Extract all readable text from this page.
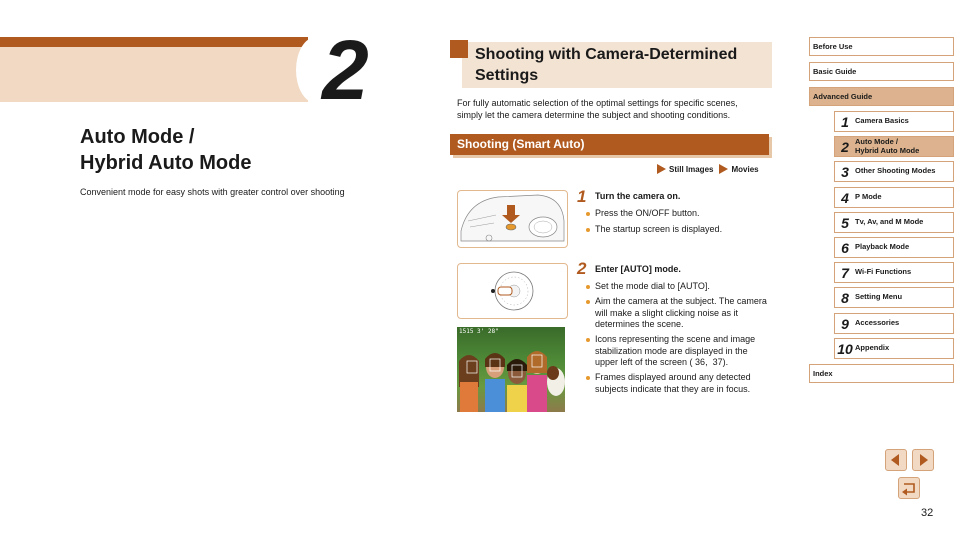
2
Auto Mode /
Hybrid Auto Mode
Convenient mode for easy shots with greater control over shooting
Shooting with Camera-Determined
Settings
For fully automatic selection of the optimal settings for specific scenes,
simply let the camera determine the subject and shooting conditions.
Shooting (Smart Auto)
Still Images Movies
1 Turn the camera on.
Press the ON/OFF button.
The startup screen is displayed.
2 Enter [AUTO] mode.
Set the mode dial to [AUTO].
Aim the camera at the subject. The camera will make a slight clicking noise as it determines the scene.
Icons representing the scene and image stabilization mode are displayed in the upper left of the screen ( 36,  37).
Frames displayed around any detected subjects indicate that they are in focus.
1515 3' 28"
Before Use
Basic Guide
Advanced Guide
1 Camera Basics
2 Auto Mode /
Hybrid Auto Mode
3 Other Shooting Modes
4 P Mode
5 Tv, Av, and M Mode
6 Playback Mode
7 Wi-Fi Functions
8 Setting Menu
9 Accessories
10 Appendix
Index
32
